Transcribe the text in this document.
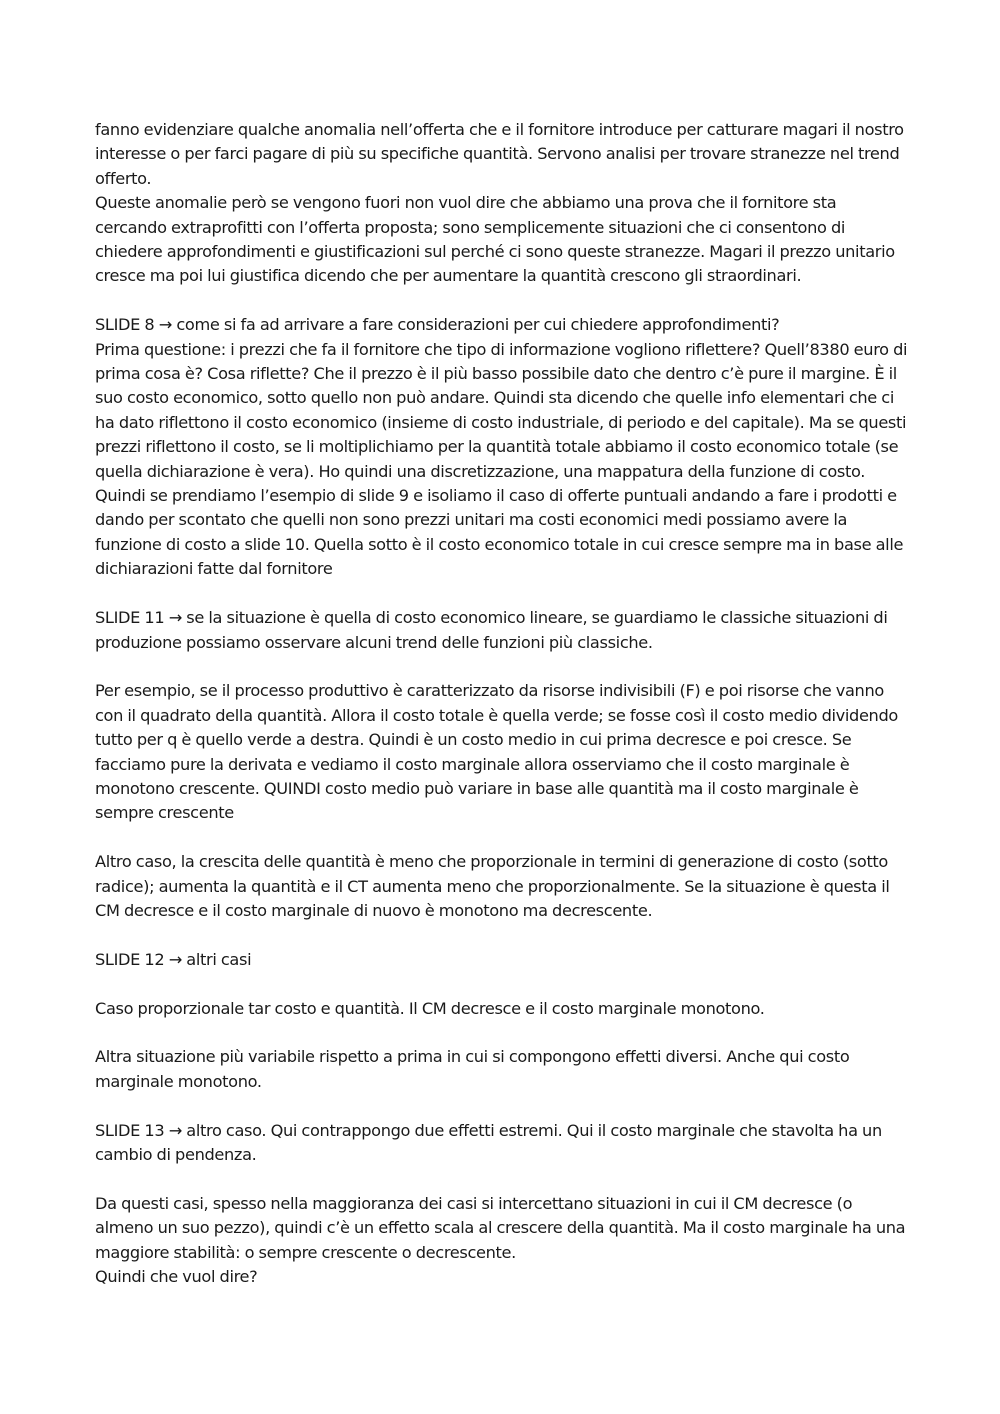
fanno evidenziare qualche anomalia nell’offerta che e il fornitore introduce per catturare magari il nostro interesse o per farci pagare di più su specifiche quantità. Servono analisi per trovare stranezze nel trend offerto.

Queste anomalie però se vengono fuori non vuol dire che abbiamo una prova che il fornitore sta cercando extraprofitti con l’offerta proposta; sono semplicemente situazioni che ci consentono di chiedere approfondimenti e giustificazioni sul perché ci sono queste stranezze. Magari il prezzo unitario cresce ma poi lui giustifica dicendo che per aumentare la quantità crescono gli straordinari.

SLIDE 8 → come si fa ad arrivare a fare considerazioni per cui chiedere approfondimenti?

Prima questione: i prezzi che fa il fornitore che tipo di informazione vogliono riflettere? Quell’8380 euro di prima cosa è? Cosa riflette? Che il prezzo è il più basso possibile dato che dentro c’è pure il margine. È il suo costo economico, sotto quello non può andare. Quindi sta dicendo che quelle info elementari che ci ha dato riflettono il costo economico (insieme di costo industriale, di periodo e del capitale). Ma se questi prezzi riflettono il costo, se li moltiplichiamo per la quantità totale abbiamo il costo economico totale (se quella dichiarazione è vera). Ho quindi una discretizzazione, una mappatura della funzione di costo.

Quindi se prendiamo l’esempio di slide 9 e isoliamo il caso di offerte puntuali andando a fare i prodotti e dando per scontato che quelli non sono prezzi unitari ma costi economici medi possiamo avere la funzione di costo a slide 10. Quella sotto è il costo economico totale in cui cresce sempre ma in base alle dichiarazioni fatte dal fornitore

SLIDE 11 → se la situazione è quella di costo economico lineare, se guardiamo le classiche situazioni di produzione possiamo osservare alcuni trend delle funzioni più classiche.

Per esempio, se il processo produttivo è caratterizzato da risorse indivisibili (F) e poi risorse che vanno con il quadrato della quantità. Allora il costo totale è quella verde; se fosse così il costo medio dividendo tutto per q è quello verde a destra. Quindi è un costo medio in cui prima decresce e poi cresce. Se facciamo pure la derivata e vediamo il costo marginale allora osserviamo che il costo marginale è monotono crescente. QUINDI costo medio può variare in base alle quantità ma il costo marginale è sempre crescente

Altro caso, la crescita delle quantità è meno che proporzionale in termini di generazione di costo (sotto radice); aumenta la quantità e il CT aumenta meno che proporzionalmente. Se la situazione è questa il CM decresce e il costo marginale di nuovo è monotono ma decrescente.

SLIDE 12 → altri casi

Caso proporzionale tar costo e quantità. Il CM decresce e il costo marginale monotono.

Altra situazione più variabile rispetto a prima in cui si compongono effetti diversi. Anche qui costo marginale monotono.

SLIDE 13 → altro caso. Qui contrappongo due effetti estremi. Qui il costo marginale che stavolta ha un cambio di pendenza.

Da questi casi, spesso nella maggioranza dei casi si intercettano situazioni in cui il CM decresce (o almeno un suo pezzo), quindi c’è un effetto scala al crescere della quantità. Ma il costo marginale ha una maggiore stabilità: o sempre crescente o decrescente.

Quindi che vuol dire?
